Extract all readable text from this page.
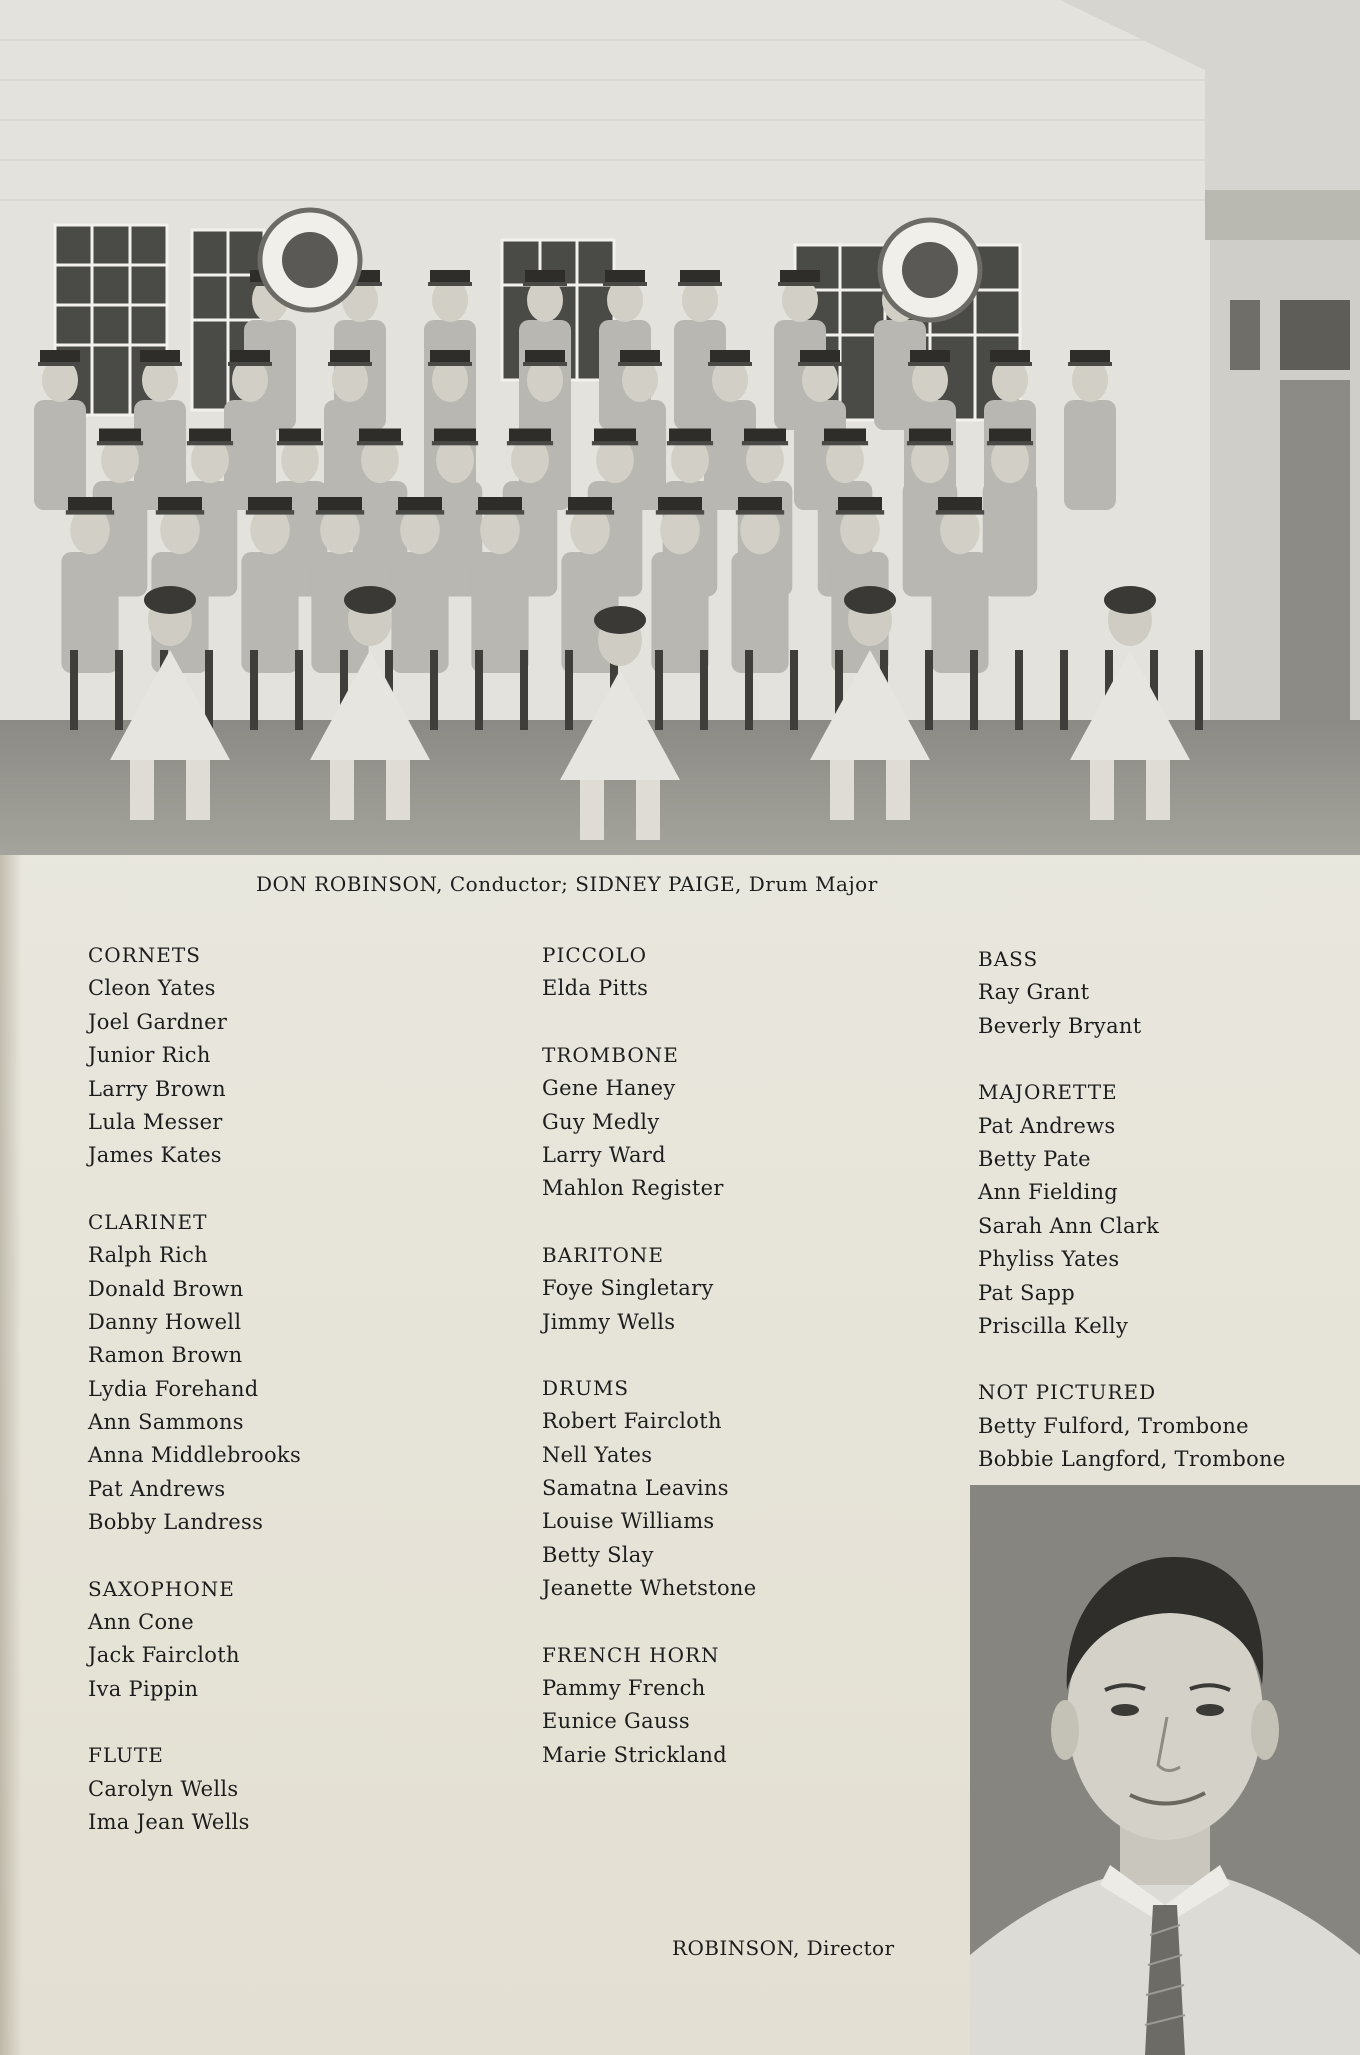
DON ROBINSON, Conductor; SIDNEY PAIGE, Drum Major
CORNETS
Cleon Yates
Joel Gardner
Junior Rich
Larry Brown
Lula Messer
James Kates
CLARINET
Ralph Rich
Donald Brown
Danny Howell
Ramon Brown
Lydia Forehand
Ann Sammons
Anna Middlebrooks
Pat Andrews
Bobby Landress
SAXOPHONE
Ann Cone
Jack Faircloth
Iva Pippin
FLUTE
Carolyn Wells
Ima Jean Wells
PICCOLO
Elda Pitts
TROMBONE
Gene Haney
Guy Medly
Larry Ward
Mahlon Register
BARITONE
Foye Singletary
Jimmy Wells
DRUMS
Robert Faircloth
Nell Yates
Samatna Leavins
Louise Williams
Betty Slay
Jeanette Whetstone
FRENCH HORN
Pammy French
Eunice Gauss
Marie Strickland
BASS
Ray Grant
Beverly Bryant
MAJORETTE
Pat Andrews
Betty Pate
Ann Fielding
Sarah Ann Clark
Phyliss Yates
Pat Sapp
Priscilla Kelly
NOT PICTURED
Betty Fulford, Trombone
Bobbie Langford, Trombone
ROBINSON, Director
